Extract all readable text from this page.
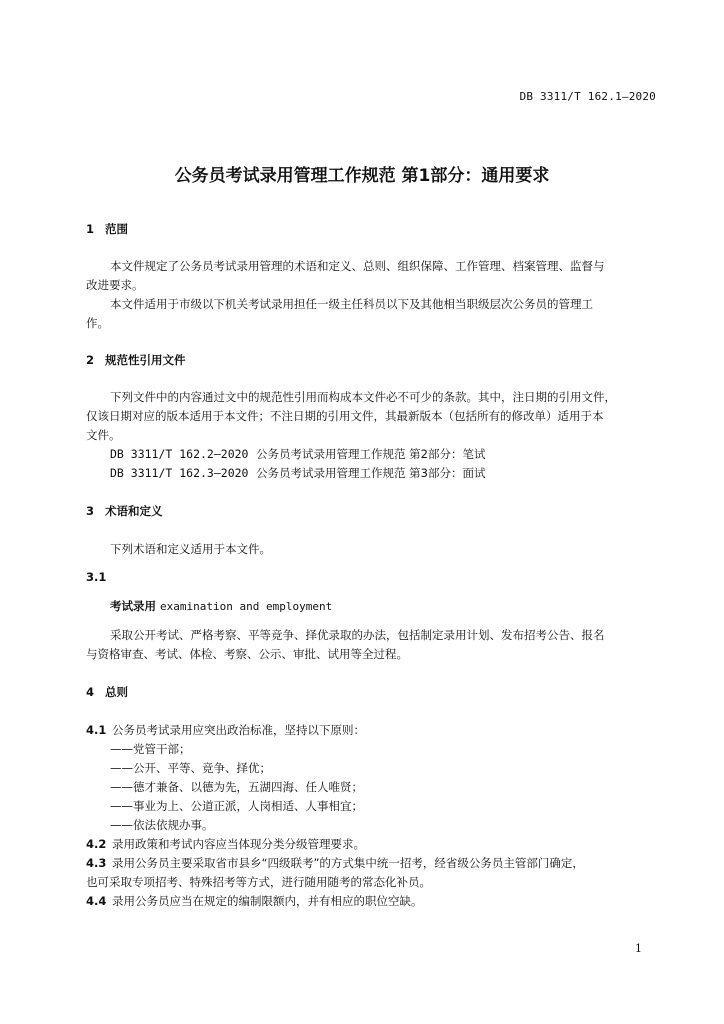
DB 3311/T 162.1—2020
公务员考试录用管理工作规范 第1部分：通用要求
1 范围
本文件规定了公务员考试录用管理的术语和定义、总则、组织保障、工作管理、档案管理、监督与
改进要求。
本文件适用于市级以下机关考试录用担任一级主任科员以下及其他相当职级层次公务员的管理工
作。
2 规范性引用文件
下列文件中的内容通过文中的规范性引用而构成本文件必不可少的条款。其中，注日期的引用文件，
仅该日期对应的版本适用于本文件；不注日期的引用文件，其最新版本（包括所有的修改单）适用于本
文件。
DB 3311/T 162.2—2020 公务员考试录用管理工作规范 第2部分：笔试
DB 3311/T 162.3—2020 公务员考试录用管理工作规范 第3部分：面试
3 术语和定义
下列术语和定义适用于本文件。
3.1
考试录用 examination and employment
采取公开考试、严格考察、平等竞争、择优录取的办法，包括制定录用计划、发布招考公告、报名
与资格审查、考试、体检、考察、公示、审批、试用等全过程。
4 总则
4.1 公务员考试录用应突出政治标准，坚持以下原则：
——党管干部；
——公开、平等、竞争、择优；
——德才兼备、以德为先，五湖四海、任人唯贤；
——事业为上、公道正派，人岗相适、人事相宜；
——依法依规办事。
4.2 录用政策和考试内容应当体现分类分级管理要求。
4.3 录用公务员主要采取省市县乡“四级联考”的方式集中统一招考，经省级公务员主管部门确定，
也可采取专项招考、特殊招考等方式，进行随用随考的常态化补员。
4.4 录用公务员应当在规定的编制限额内，并有相应的职位空缺。
1
